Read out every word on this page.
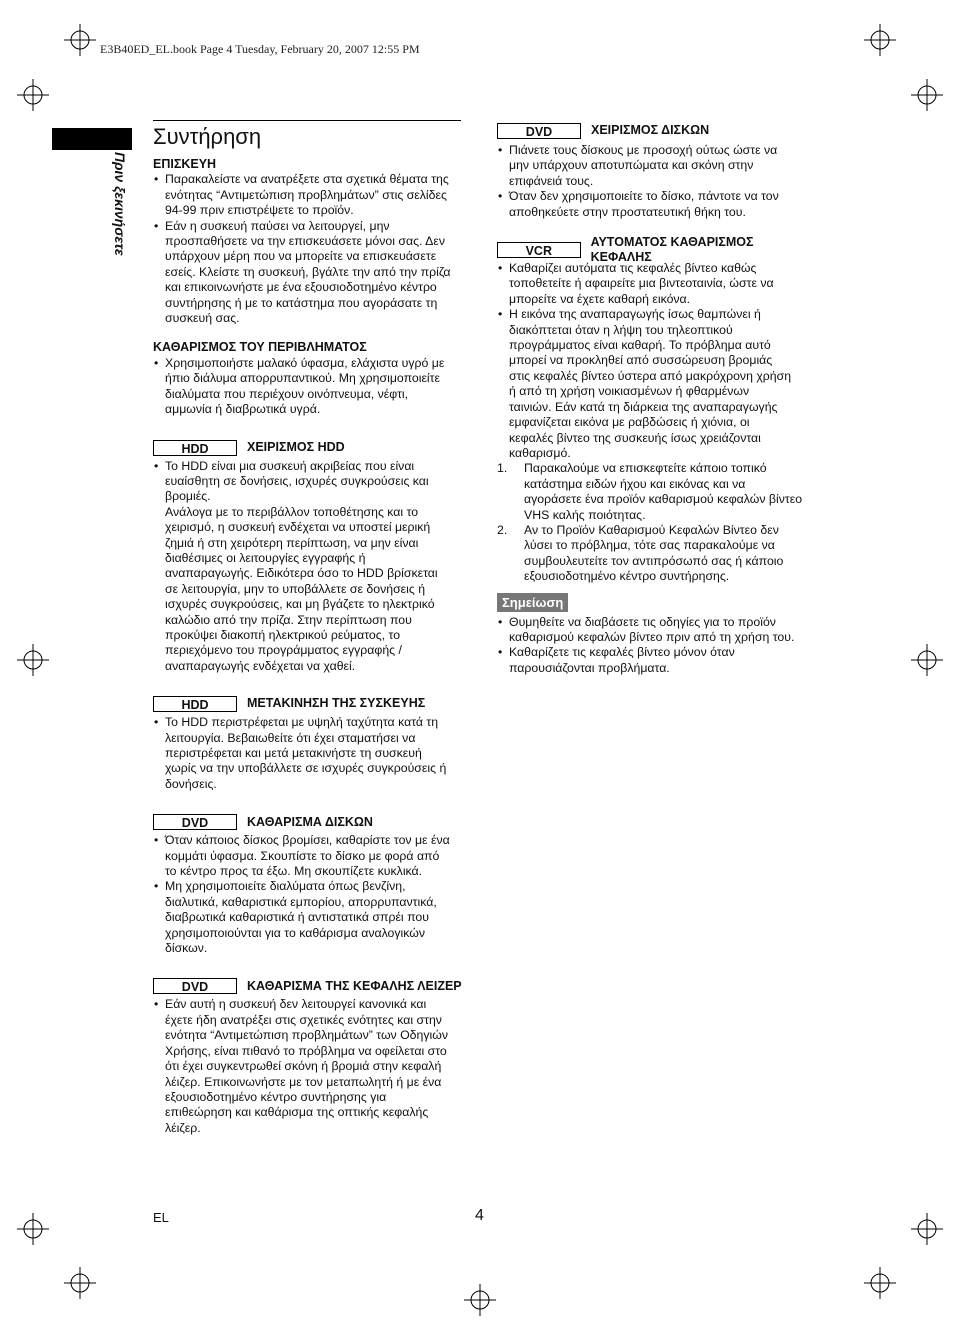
E3B40ED_EL.book Page 4 Tuesday, February 20, 2007 12:55 PM
Πριν ξεκινήσετε
Συντήρηση

ΕΠΙΣΚΕΥΗ

• Παρακαλείστε να ανατρέξετε στα σχετικά θέματα της

ενότητας “Αντιμετώπιση προβλημάτων” στις σελίδες

94-99 πριν επιστρέψετε το προϊόν.

• Εάν η συσκευή παύσει να λειτουργεί, μην

προσπαθήσετε να την επισκευάσετε μόνοι σας. Δεν

υπάρχουν μέρη που να μπορείτε να επισκευάσετε

εσείς. Κλείστε τη συσκευή, βγάλτε την από την πρίζα

και επικοινωνήστε με ένα εξουσιοδοτημένο κέντρο

συντήρησης ή με το κατάστημα που αγοράσατε τη

συσκευή σας.

ΚΑΘΑΡΙΣΜΟΣ ΤΟΥ ΠΕΡΙΒΛΗΜΑΤΟΣ

• Χρησιμοποιήστε μαλακό ύφασμα, ελάχιστα υγρό με

ήπιο διάλυμα απορρυπαντικού. Μη χρησιμοποιείτε

διαλύματα που περιέχουν οινόπνευμα, νέφτι,

αμμωνία ή διαβρωτικά υγρά.

HDD	ΧΕΙΡΙΣΜΟΣ HDD

• Το HDD είναι μια συσκευή ακριβείας που είναι

ευαίσθητη σε δονήσεις, ισχυρές συγκρούσεις και

βρομιές.

Ανάλογα με το περιβάλλον τοποθέτησης και το

χειρισμό, η συσκευή ενδέχεται να υποστεί μερική

ζημιά ή στη χειρότερη περίπτωση, να μην είναι

διαθέσιμες οι λειτουργίες εγγραφής ή

αναπαραγωγής. Ειδικότερα όσο το HDD βρίσκεται

σε λειτουργία, μην το υποβάλλετε σε δονήσεις ή

ισχυρές συγκρούσεις, και μη βγάζετε το ηλεκτρικό

καλώδιο από την πρίζα. Στην περίπτωση που

προκύψει διακοπή ηλεκτρικού ρεύματος, το

περιεχόμενο του προγράμματος εγγραφής /

αναπαραγωγής ενδέχεται να χαθεί.

HDD	ΜΕΤΑΚΙΝΗΣΗ ΤΗΣ ΣΥΣΚΕΥΗΣ

• Το HDD περιστρέφεται με υψηλή ταχύτητα κατά τη

λειτουργία. Βεβαιωθείτε ότι έχει σταματήσει να

περιστρέφεται και μετά μετακινήστε τη συσκευή

χωρίς να την υποβάλλετε σε ισχυρές συγκρούσεις ή

δονήσεις.

DVD	ΚΑΘΑΡΙΣΜΑ ΔΙΣΚΩΝ

• Όταν κάποιος δίσκος βρομίσει, καθαρίστε τον με ένα

κομμάτι ύφασμα. Σκουπίστε το δίσκο με φορά από

το κέντρο προς τα έξω. Μη σκουπίζετε κυκλικά.

• Μη χρησιμοποιείτε διαλύματα όπως βενζίνη,

διαλυτικά, καθαριστικά εμπορίου, απορρυπαντικά,

διαβρωτικά καθαριστικά ή αντιστατικά σπρέι που

χρησιμοποιούνται για το καθάρισμα αναλογικών

δίσκων.

DVD	ΚΑΘΑΡΙΣΜΑ ΤΗΣ ΚΕΦΑΛΗΣ ΛΕΙΖΕΡ

• Εάν αυτή η συσκευή δεν λειτουργεί κανονικά και

έχετε ήδη ανατρέξει στις σχετικές ενότητες και στην

ενότητα “Αντιμετώπιση προβλημάτων” των Οδηγιών

Χρήσης, είναι πιθανό το πρόβλημα να οφείλεται στο

ότι έχει συγκεντρωθεί σκόνη ή βρομιά στην κεφαλή

λέιζερ. Επικοινωνήστε με τον μεταπωλητή ή με ένα

εξουσιοδοτημένο κέντρο συντήρησης για

επιθεώρηση και καθάρισμα της οπτικής κεφαλής

λέιζερ.

DVD	ΧΕΙΡΙΣΜΟΣ ΔΙΣΚΩΝ

• Πιάνετε τους δίσκους με προσοχή ούτως ώστε να

μην υπάρχουν αποτυπώματα και σκόνη στην

επιφάνειά τους.

• Όταν δεν χρησιμοποιείτε το δίσκο, πάντοτε να τον

αποθηκεύετε στην προστατευτική θήκη του.

VCR
ΑΥΤΟΜΑΤΟΣ ΚΑΘΑΡΙΣΜΟΣ ΚΕΦΑΛΗΣ

• Καθαρίζει αυτόματα τις κεφαλές βίντεο καθώς

τοποθετείτε ή αφαιρείτε μια βιντεοταινία, ώστε να

μπορείτε να έχετε καθαρή εικόνα.

• Η εικόνα της αναπαραγωγής ίσως θαμπώνει ή

διακόπτεται όταν η λήψη του τηλεοπτικού

προγράμματος είναι καθαρή. Το πρόβλημα αυτό

μπορεί να προκληθεί από συσσώρευση βρομιάς

στις κεφαλές βίντεο ύστερα από μακρόχρονη χρήση

ή από τη χρήση νοικιασμένων ή φθαρμένων

ταινιών. Εάν κατά τη διάρκεια της αναπαραγωγής

εμφανίζεται εικόνα με ραβδώσεις ή χιόνια, οι

κεφαλές βίντεο της συσκευής ίσως χρειάζονται

καθαρισμό.

1. Παρακαλούμε να επισκεφτείτε κάποιο τοπικό

κατάστημα ειδών ήχου και εικόνας και να

αγοράσετε ένα προϊόν καθαρισμού κεφαλών βίντεο

VHS καλής ποιότητας.

2. Αν το Προϊόν Καθαρισμού Κεφαλών Βίντεο δεν

λύσει το πρόβλημα, τότε σας παρακαλούμε να

συμβουλευτείτε τον αντιπρόσωπό σας ή κάποιο

εξουσιοδοτημένο κέντρο συντήρησης.

Σημείωση

• Θυμηθείτε να διαβάσετε τις οδηγίες για το προϊόν

καθαρισμού κεφαλών βίντεο πριν από τη χρήση του.

• Καθαρίζετε τις κεφαλές βίντεο μόνον όταν

παρουσιάζονται προβλήματα.

EL	4
